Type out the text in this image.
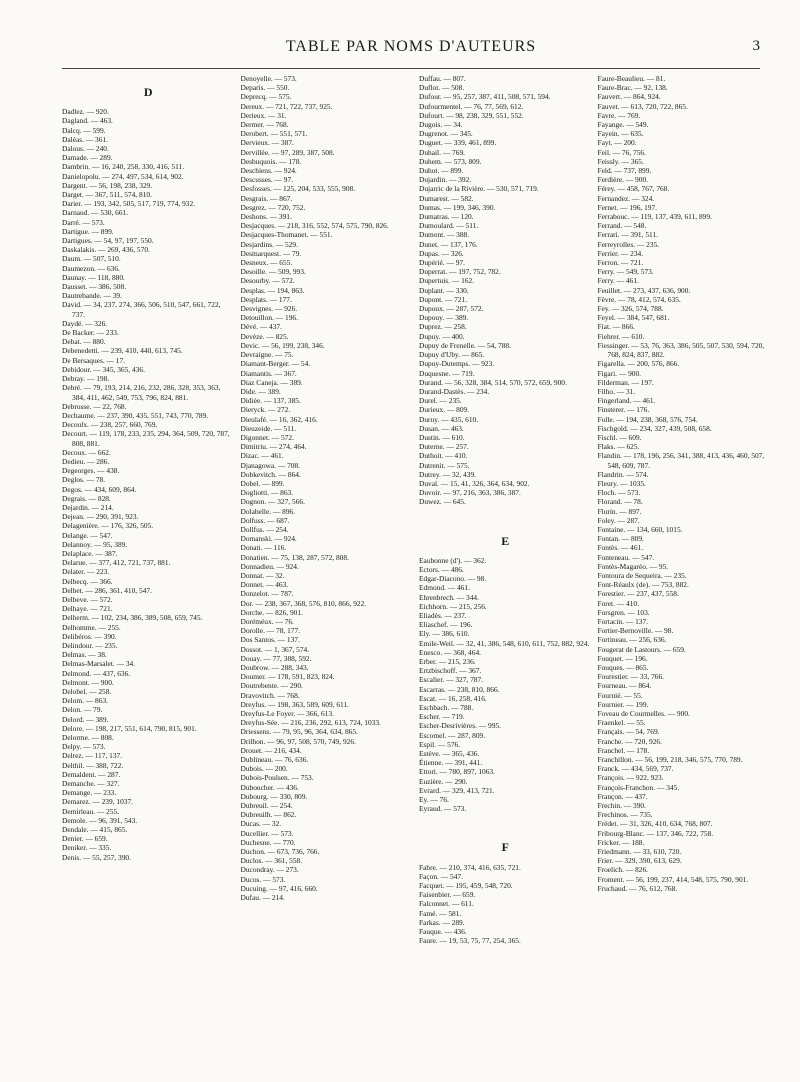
TABLE PAR NOMS D'AUTEURS	3
D
Dadlez. — 920.
Dagland. — 463.
Dalcq. — 599.
Daléas. — 361.
Dalous. — 240.
Damade. — 289.
Dambrin. — 16, 240, 258, 330, 416, 511.
Danielopolu. — 274, 497, 534, 614, 902.
Dargent. — 56, 198, 238, 329.
Darget. — 367, 511, 574, 810.
Darier. — 193, 342, 505, 517, 719, 774, 932.
Darnaud. — 530, 661.
Darré. — 573.
Dartigue. — 899.
Dartigues. — 54, 97, 197, 550.
Daskalakis. — 269, 436, 570.
Daum. — 507, 510.
Daumezon. — 636.
Daunay. — 118, 880.
Dausset. — 386, 508.
Dautrebande. — 39.
David. — 34, 237, 274, 366, 506, 510, 547, 661, 722, 737.
Daydé. — 326.
De Backer. — 233.
Debat. — 880.
Debenedetti. — 239, 410, 440, 613, 745.
De Bersaques. — 17.
Debidour. — 345, 365, 436.
Debray. — 198.
Debré. — 79, 193, 214, 216, 232, 286, 328, 353, 363, 384, 411, 462, 549, 753, 796, 824, 881.
Debrosse. — 22, 768.
Dechaume. — 237, 390, 435, 551, 743, 770, 789.
Decoulx. — 238, 257, 660, 769.
Decourt. — 119, 178, 233, 235, 294, 364, 509, 720, 787, 808, 881.
Decoux. — 662.
Dedieu. — 286.
Degeorges. — 438.
Deglos. — 78.
Degos. — 434, 609, 864.
Degrais. — 828.
Dejardin. — 214.
Dejean. — 290, 391, 923.
Delagenière. — 176, 326, 505.
Delange. — 547.
Delannoy. — 95, 389.
Delaplace. — 387.
Delarue. — 377, 412, 721, 737, 881.
Delater. — 223.
Delbecq. — 366.
Delbet. — 286, 361, 410, 547.
Delbeve. — 572.
Delhaye. — 721.
Delherm. — 102, 234, 386, 389, 508, 659, 745.
Delhomme. — 255.
Delibéros. — 390.
Delindour. — 235.
Delmas. — 38.
Delmas-Marsalet. — 34.
Delmond. — 437, 636.
Delmont. — 900.
Delobel. — 258.
Delom. — 863.
Delon. — 79.
Delord. — 389.
Delore. — 198, 217, 551, 614, 790, 815, 901.
Delorme. — 808.
Delpy. — 573.
Delrez. — 117, 137.
Delthil. — 388, 722.
Demaldent. — 287.
Demanche. — 327.
Demange. — 233.
Demarez. — 239, 1037.
Demirleau. — 255.
Demole. — 96, 391, 543.
Dendale. — 415, 865.
Denier. — 659.
Deniker. — 335.
Denis. — 55, 257, 390.
Denoyelle. — 573.
Deparis. — 550.
Deprecq. — 575.
Dereux. — 721, 722, 737, 925.
Derieux. — 31.
Dermer. — 768.
Derobert. — 551, 571.
Dervieux. — 387.
Dervillée. — 97, 289, 387, 508.
Desbuquois. — 178.
Deschiens. — 924.
Descusses. — 97.
Desfosses. — 125, 204, 533, 555, 908.
Desgrais. — 867.
Desgrez. — 720, 752.
Deshons. — 391.
Desjacques. — 218, 316, 552, 574, 575, 790, 826.
Desjacques-Thomanet. — 551.
Desjardins. — 529.
Desmarquest. — 79.
Desneux. — 655.
Desoille. — 509, 993.
Desourby. — 572.
Desplas. — 194, 863.
Desplats. — 177.
Desvignes. — 926.
Detouillon. — 196.
Dévé. — 437.
Devèze. — 825.
Devic. — 56, 199, 238, 346.
Devraigne. — 75.
Diamant-Berger. — 54.
Diamantis. — 367.
Diaz Caneja. — 389.
Dide. — 389.
Didiée. — 137, 385.
Dieryck. — 272.
Dieulafé. — 16, 362, 416.
Dieuzeide. — 511.
Digonnet. — 572.
Dimitriu. — 274, 464.
Dizac. — 461.
Djanagowa. — 708.
Dobkevitch. — 864.
Dobel. — 899.
Dogliotti. — 863.
Dognon. — 327, 566.
Dolabelle. — 896.
Dolfuss. — 687.
Dollfus. — 254.
Domanski. — 924.
Donati. — 116.
Donatien. — 75, 138, 287, 572, 808.
Donnadieu. — 924.
Donnat. — 32.
Donnet. — 463.
Donzelot. — 787.
Dor. — 238, 367, 368, 576, 810, 866, 922.
Dorche. — 826, 901.
Doréméux. — 76.
Dorolle. — 78, 177.
Dos Santos. — 137.
Dossot. — 1, 367, 574.
Douay. — 77, 388, 592.
Doubrow. — 288, 343.
Doumer. — 178, 591, 823, 824.
Doutrebente. — 290.
Dravovitch. — 768.
Dreyfus. — 198, 363, 589, 609, 611.
Dreyfus-Le Foyer. — 366, 613.
Dreyfus-Sée. — 216, 236, 292, 613, 724, 1033.
Driessens. — 79, 95, 96, 364, 634, 865.
Drilhon. — 96, 97, 508, 570, 749, 926.
Drouet. — 216, 434.
Dublineau. — 76, 636.
Dubois. — 200.
Dubois-Poulsen. — 753.
Duboucher. — 436.
Dubourg. — 330, 809.
Dubreuil. — 254.
Dubreuilh. — 862.
Ducas. — 32.
Ducellier. — 573.
Duchesne. — 770.
Duchon. — 673, 736, 766.
Duclos. — 361, 558.
Ducondray. — 273.
Ducos. — 573.
Ducuing. — 97, 416, 660.
Dufau. — 214.
Duffau. — 807.
Duflot. — 508.
Dufour. — 95, 257, 387, 411, 508, 571, 594.
Dufourmentel. — 76, 77, 569, 612.
Dufourt. — 98, 238, 329, 551, 552.
Dugois. — 34.
Dugrenot. — 345.
Duguet. — 339, 461, 899.
Duhail. — 769.
Duhem. — 573, 809.
Duhot. — 899.
Dujardin. — 392.
Dujarric de la Rivière. — 530, 571, 719.
Dumarest. — 582.
Dumas. — 199, 346, 390.
Dumatras. — 120.
Dumoulard. — 511.
Dumont. — 388.
Dunet. — 137, 176.
Dupas. — 326.
Dupérié. — 97.
Duperrat. — 197, 752, 782.
Dupertuis. — 162.
Duplant. — 330.
Dupont. — 721.
Dupoux. — 287, 572.
Dupouy. — 389.
Duprez. — 258.
Dupuy. — 400.
Dupuy de Frenelle. — 54, 788.
Dupuy d'Uby. — 865.
Dupuy-Dutemps. — 923.
Duquesne. — 719.
Durand. — 56, 328, 384, 514, 570, 572, 659, 900.
Durand-Dastès. — 234.
Durel. — 235.
Durieux. — 809.
Duruy. — 435, 610.
Dusan. — 463.
Dustin. — 610.
Duterne. — 257.
Duthoit. — 410.
Dutrenit. — 575.
Dutrey. — 32, 439.
Duval. — 15, 41, 326, 364, 634, 902.
Duvoir. — 97, 216, 363, 386, 387.
Duwez. — 645.
E
Eaubonne (d'). — 362.
Ectors. — 486.
Edgar-Diacono. — 98.
Edmond. — 461.
Ehrenbrech. — 344.
Eichhorn. — 215, 256.
Eliadès. — 237.
Eliaschef. — 196.
Ely. — 386, 610.
Emile-Weil. — 32, 41, 386, 548, 610, 611, 752, 882, 924.
Enesco. — 368, 464.
Erber. — 215, 236.
Ertzbischoff. — 367.
Escalier. — 327, 787.
Escarras. — 238, 810, 866.
Escat. — 16, 258, 416.
Eschbach. — 788.
Escher. — 719.
Escher-Desrivières. — 995.
Escomel. — 287, 809.
Espil. — 576.
Estève. — 365, 436.
Étienne. — 391, 441.
Ettori. — 780, 897, 1063.
Euzière. — 290.
Evrard. — 329, 413, 721.
Ey. — 76.
Eyraud. — 573.
F
Fabre. — 210, 374, 416, 635, 721.
Façon. — 547.
Facquet. — 195, 459, 548, 720.
Faisenbier. — 659.
Falconnet. — 611.
Famé. — 581.
Farkas. — 289.
Fauque. — 436.
Faure. — 19, 53, 75, 77, 254, 365.
Faure-Beaulieu. — 81.
Faure-Brac. — 92, 138.
Fauvert. — 864, 924.
Fauvet. — 613, 720, 722, 865.
Favre. — 769.
Fayange. — 549.
Fayein. — 635.
Fayt. — 200.
Feil. — 76, 756.
Feissly. — 365.
Feld. — 737, 899.
Ferdière. — 900.
Férey. — 458, 767, 768.
Fernandez. — 324.
Fernet. — 196, 197.
Ferrabouc. — 119, 137, 439, 611, 899.
Ferrand. — 548.
Ferrari. — 391, 511.
Ferreyrolles. — 235.
Ferrier. — 234.
Ferron. — 721.
Ferry. — 549, 573.
Ferry. — 461.
Feuillet. — 273, 437, 636, 900.
Fèvre. — 78, 412, 574, 635.
Fey. — 326, 574, 788.
Feyel. — 384, 547, 681.
Fiat. — 866.
Fiehrer. — 610.
Fiessinger. — 53, 76, 363, 386, 505, 507, 530, 594, 720, 768, 824, 837, 882.
Figarella. — 200, 576, 866.
Figari. — 900.
Filderman. — 197.
Filho. — 31.
Fingerland. — 461.
Finsterer. — 176.
Folle. — 194, 238, 368, 576, 754.
Fischgold. — 234, 327, 439, 508, 658.
Fischl. — 609.
Flaks. — 625.
Flandin. — 178, 196, 256, 341, 388, 413, 436, 460, 507, 548, 609, 787.
Flandrin. — 574.
Fleury. — 1035.
Floch. — 573.
Florand. — 78.
Flurin. — 897.
Foley. — 287.
Fontaine. — 134, 660, 1015.
Fontan. — 809.
Fontès. — 461.
Fonteneau. — 547.
Fontès-Magarèo. — 95.
Fontoura de Sequeira. — 235.
Font-Réaulx (de). — 753, 882.
Forestier. — 237, 437, 558.
Foret. — 410.
Forsgren. — 103.
Fortacin. — 137.
Fortier-Bernoville. — 98.
Fortineau. — 256, 636.
Fougerat de Lastours. — 659.
Fouquet. — 196.
Fouques. — 865.
Fourestier. — 33, 766.
Fourneau. — 864.
Fournié. — 55.
Fournier. — 199.
Foveau de Courmelles. — 900.
Fraenkel. — 55.
Français. — 54, 769.
Franche. — 720, 926.
Franchel. — 178.
Franchillon. — 56, 199, 218, 346, 575, 770, 789.
Franck. — 434, 569, 737.
François. — 922, 923.
François-Franchon. — 345.
Françon. — 437.
Frechin. — 390.
Frechinos. — 735.
Frédet. — 31, 326, 410, 634, 768, 807.
Fribourg-Blanc. — 137, 346, 722, 758.
Fricker. — 188.
Friedmann. — 33, 610, 720.
Frier. — 329, 390, 613, 629.
Froelich. — 826.
Froment. — 56, 199, 237, 414, 548, 575, 790, 901.
Fruchaud. — 76, 612, 768.
